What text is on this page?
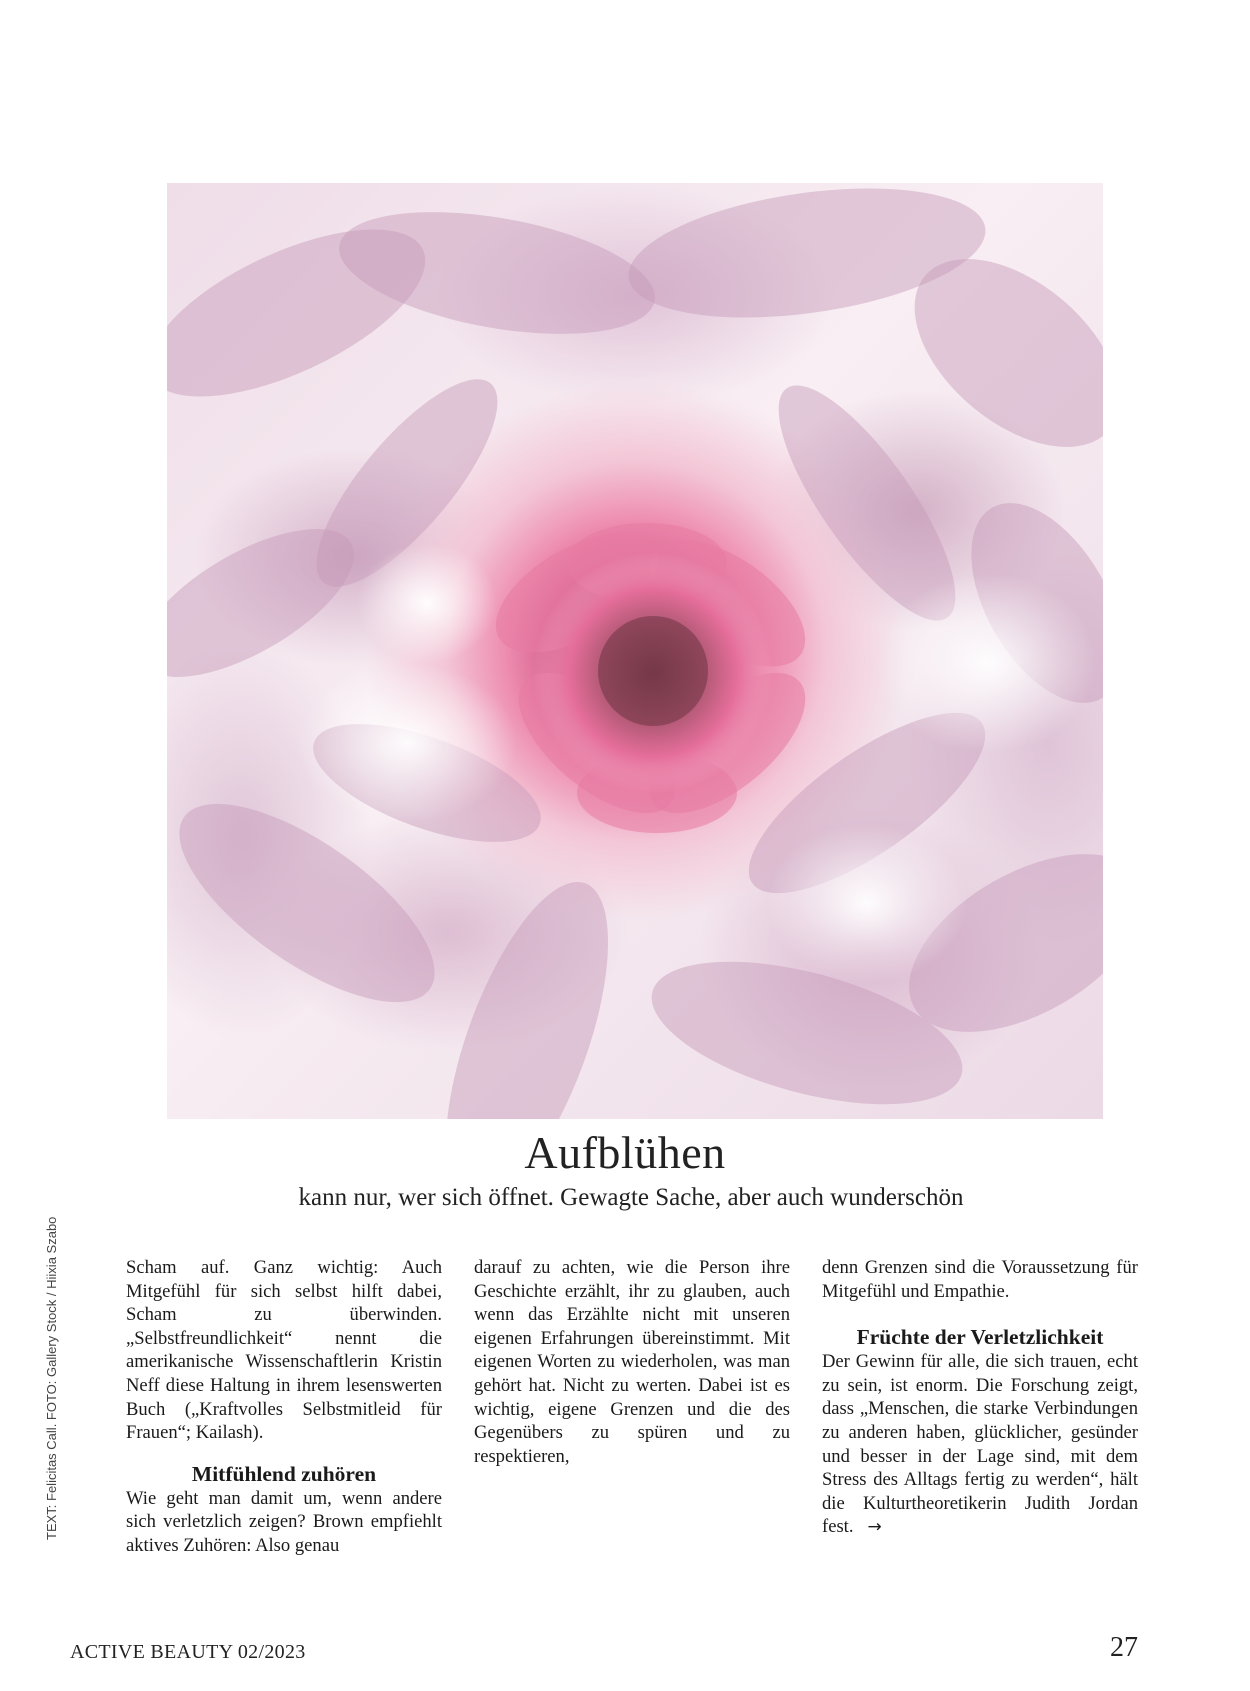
Aufblühen

kann nur, wer sich öffnet. Gewagte Sache, aber auch wunderschön

TEXT: Felicitas Call. FOTO: Gallery Stock / Hiixia Szabo	Scham auf. Ganz wichtig: Auch Mitgefühl für sich selbst hilft dabei, Scham zu überwinden. „Selbstfreundlichkeit“ nennt die amerikanische Wissenschaftlerin Kristin Neff diese Haltung in ihrem lesenswerten Buch („Kraftvolles Selbstmitleid für Frauen“; Kailash).

Mitfühlend zuhören

Wie geht man damit um, wenn andere sich verletzlich zeigen? Brown empfiehlt aktives Zuhören: Also genau

darauf zu achten, wie die Person ihre Geschichte erzählt, ihr zu glauben, auch wenn das Erzählte nicht mit unseren eigenen Erfahrungen übereinstimmt. Mit eigenen Worten zu wiederholen, was man gehört hat. Nicht zu werten. Dabei ist es wichtig, eigene Grenzen und die des Gegenübers zu spüren und zu respektieren,

denn Grenzen sind die Voraussetzung für Mitgefühl und Empathie.

Früchte der Verletzlichkeit

Der Gewinn für alle, die sich trauen, echt zu sein, ist enorm. Die Forschung zeigt, dass „Menschen, die starke Verbindungen zu anderen haben, glücklicher, gesünder und besser in der Lage sind, mit dem Stress des Alltags fertig zu werden“, hält die Kulturtheoretikerin Judith Jordan fest. →

ACTIVE BEAUTY 02/2023	27
